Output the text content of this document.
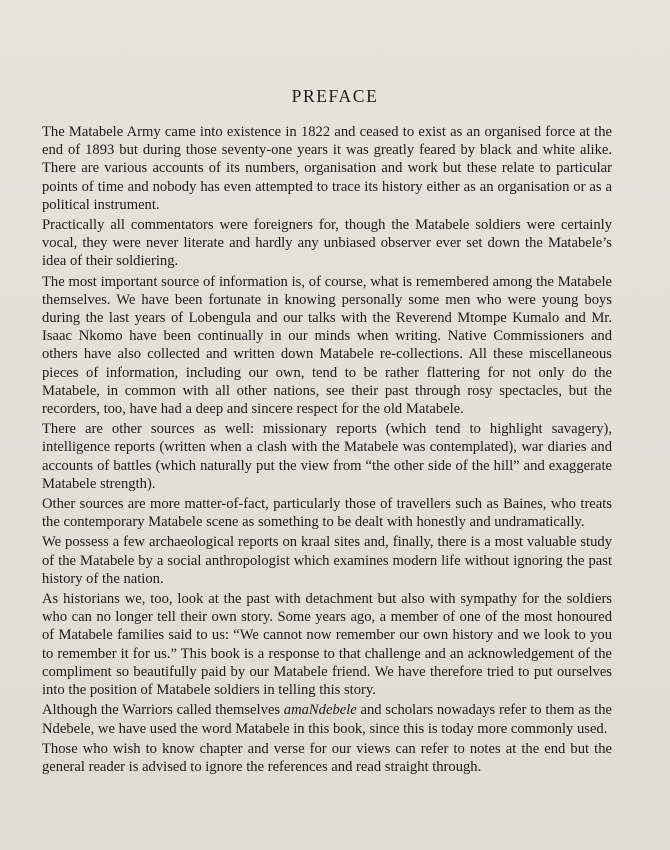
PREFACE

The Matabele Army came into existence in 1822 and ceased to exist as an organised force at the end of 1893 but during those seventy-one years it was greatly feared by black and white alike. There are various accounts of its numbers, organisation and work but these relate to particular points of time and nobody has even attempted to trace its history either as an organisation or as a political instrument.

Practically all commentators were foreigners for, though the Matabele soldiers were certainly vocal, they were never literate and hardly any unbiased observer ever set down the Matabele’s idea of their soldiering.

The most important source of information is, of course, what is remembered among the Matabele themselves. We have been fortunate in knowing personally some men who were young boys during the last years of Lobengula and our talks with the Reverend Mtompe Kumalo and Mr. Isaac Nkomo have been continually in our minds when writing. Native Commissioners and others have also collected and written down Matabele re-collections. All these miscellaneous pieces of information, including our own, tend to be rather flattering for not only do the Matabele, in common with all other nations, see their past through rosy spectacles, but the recorders, too, have had a deep and sincere respect for the old Matabele.

There are other sources as well: missionary reports (which tend to highlight savagery), intelligence reports (written when a clash with the Matabele was contemplated), war diaries and accounts of battles (which naturally put the view from “the other side of the hill” and exaggerate Matabele strength).

Other sources are more matter-of-fact, particularly those of travellers such as Baines, who treats the contemporary Matabele scene as something to be dealt with honestly and undramatically.

We possess a few archaeological reports on kraal sites and, finally, there is a most valuable study of the Matabele by a social anthropologist which examines modern life without ignoring the past history of the nation.

As historians we, too, look at the past with detachment but also with sympathy for the soldiers who can no longer tell their own story. Some years ago, a member of one of the most honoured of Matabele families said to us: “We cannot now remember our own history and we look to you to remember it for us.” This book is a response to that challenge and an acknowledgement of the compliment so beautifully paid by our Matabele friend. We have therefore tried to put ourselves into the position of Matabele soldiers in telling this story.

Although the Warriors called themselves amaNdebele and scholars nowadays refer to them as the Ndebele, we have used the word Matabele in this book, since this is today more commonly used.

Those who wish to know chapter and verse for our views can refer to notes at the end but the general reader is advised to ignore the references and read straight through.
